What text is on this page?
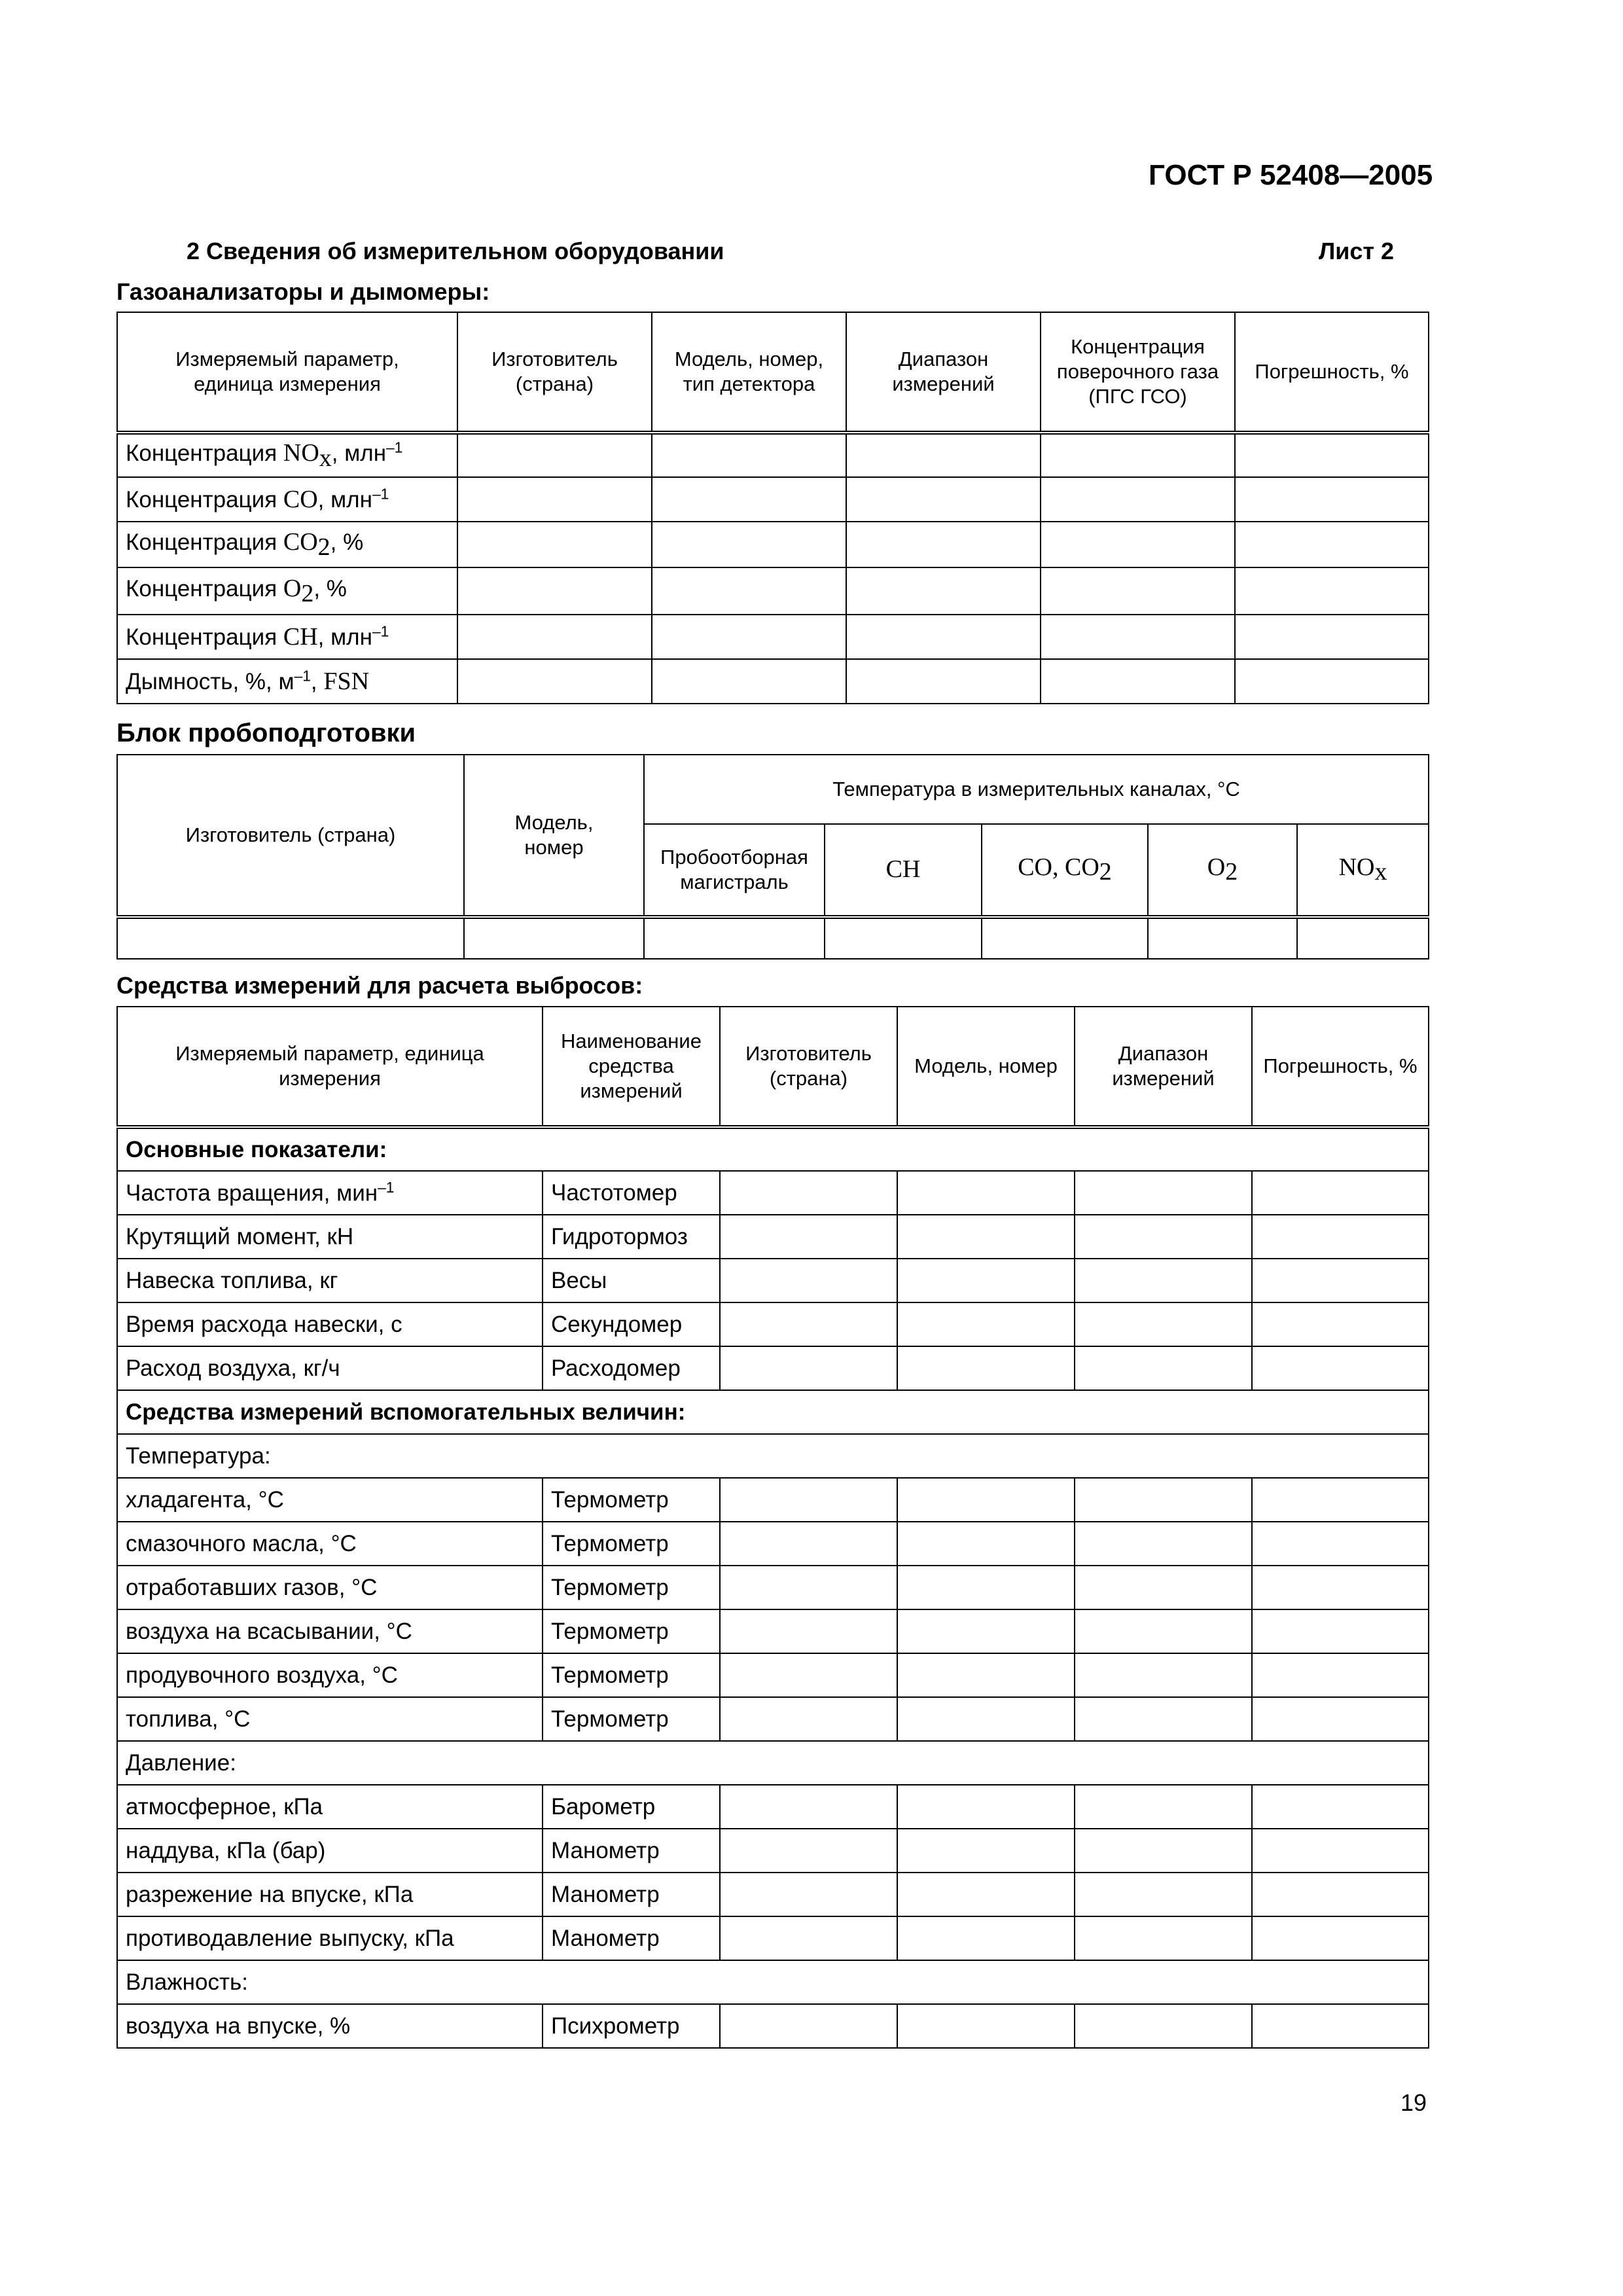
ГОСТ Р 52408—2005
2 Сведения об измерительном оборудовании	Лист 2
Газоанализаторы и дымомеры:
Измеряемый параметр, единица измерения	Изготовитель (страна)	Модель, номер, тип детектора	Диапазон измерений	Концентрация поверочного газа (ПГС ГСО)	Погрешность, %
Концентрация $NO_x$, млн$^{-1}$					
Концентрация CO, млн$^{-1}$					
Концентрация $CO_2$, %					
Концентрация $O_2$, %					
Концентрация CH, млн$^{-1}$					
Дымность, %, $м^{-1}$, FSN					
Блок пробоподготовки
Изготовитель (страна)	Модель, номер	Температура в измерительных каналах, °С				
		Пробоотборная магистраль	CH	CO, $CO_2$	$O_2$	$NO_x$

Средства измерений для расчета выбросов:
Измеряемый параметр, единица измерения	Наименование средства измерений	Изготовитель (страна)	Модель, номер	Диапазон измерений	Погрешность, %
Основные показатели:					
Частота вращения, мин$^{-1}$	Частотомер				
Крутящий момент, кН	Гидротормоз				
Навеска топлива, кг	Весы				
Время расхода навески, с	Секундомер				
Расход воздуха, кг/ч	Расходомер				
Средства измерений вспомогательных величин:					
Температура:					
хладагента, °С	Термометр				
смазочного масла, °С	Термометр				
отработавших газов, °С	Термометр				
воздуха на всасывании, °С	Термометр				
продувочного воздуха, °С	Термометр				
топлива, °С	Термометр				
Давление:					
атмосферное, кПа	Барометр				
наддува, кПа (бар)	Манометр				
разрежение на впуске, кПа	Манометр				
противодавление выпуску, кПа	Манометр				
Влажность:					
воздуха на впуске, %	Психрометр				
19
